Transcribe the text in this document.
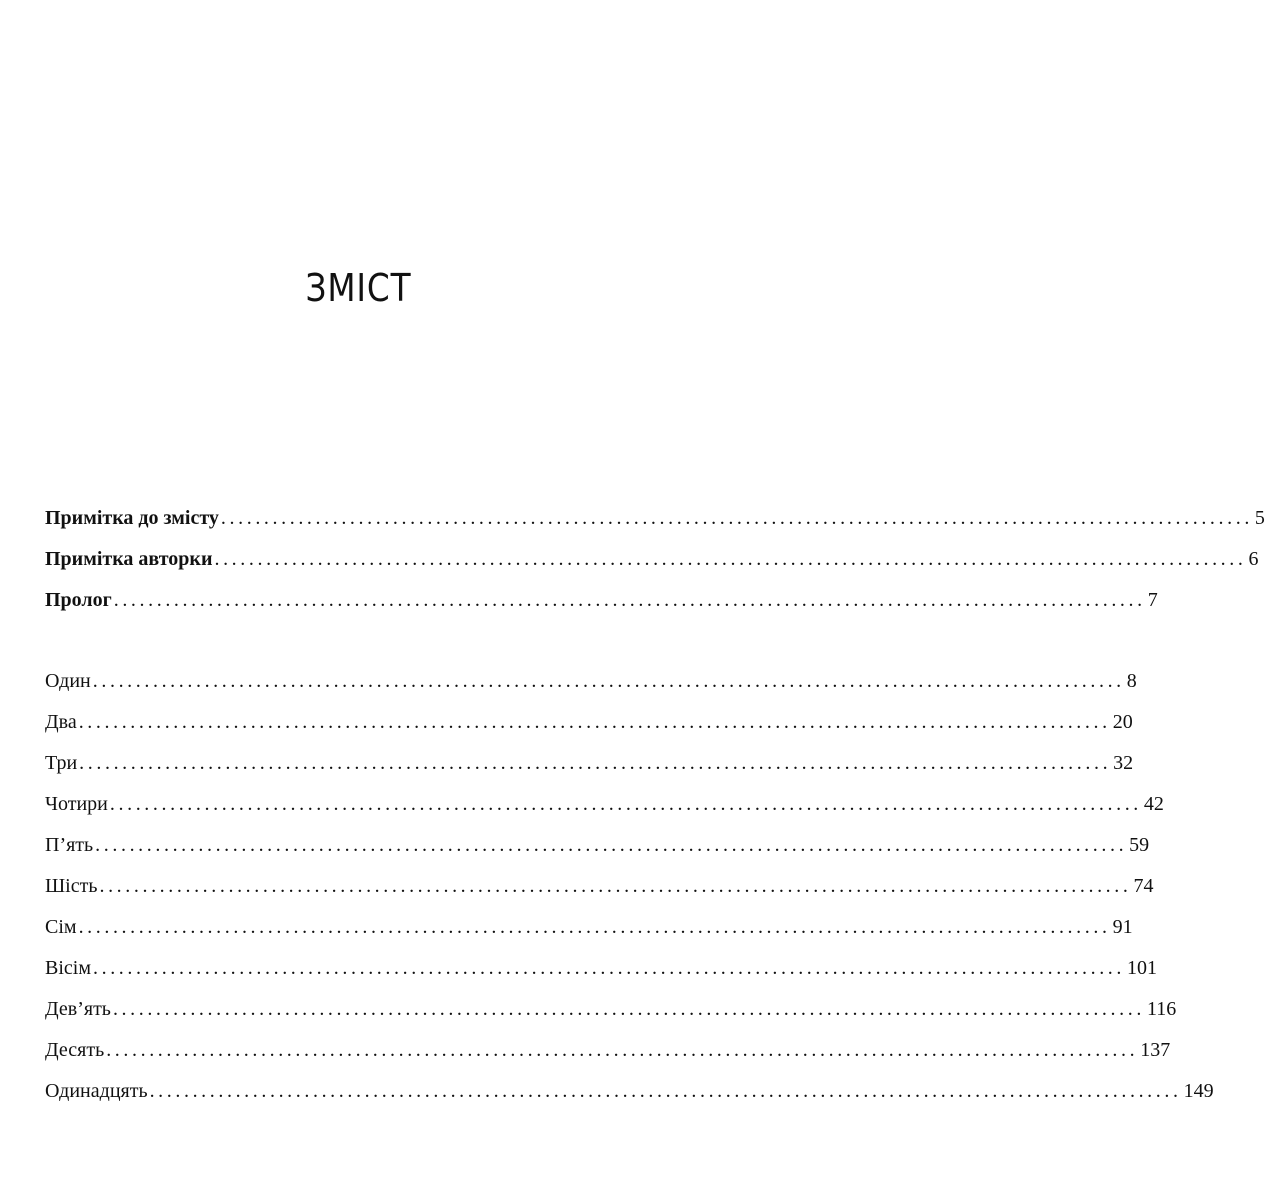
ЗМІСТ
Примітка до змісту ........................................................................................................................ 5
Примітка авторки ........................................................................................................................ 6
Пролог ........................................................................................................................ 7
Один ........................................................................................................................ 8
Два ........................................................................................................................ 20
Три ........................................................................................................................ 32
Чотири ........................................................................................................................ 42
П’ять ........................................................................................................................ 59
Шість ........................................................................................................................ 74
Сім ........................................................................................................................ 91
Вісім ........................................................................................................................ 101
Дев’ять ........................................................................................................................ 116
Десять ........................................................................................................................ 137
Одинадцять ........................................................................................................................ 149
